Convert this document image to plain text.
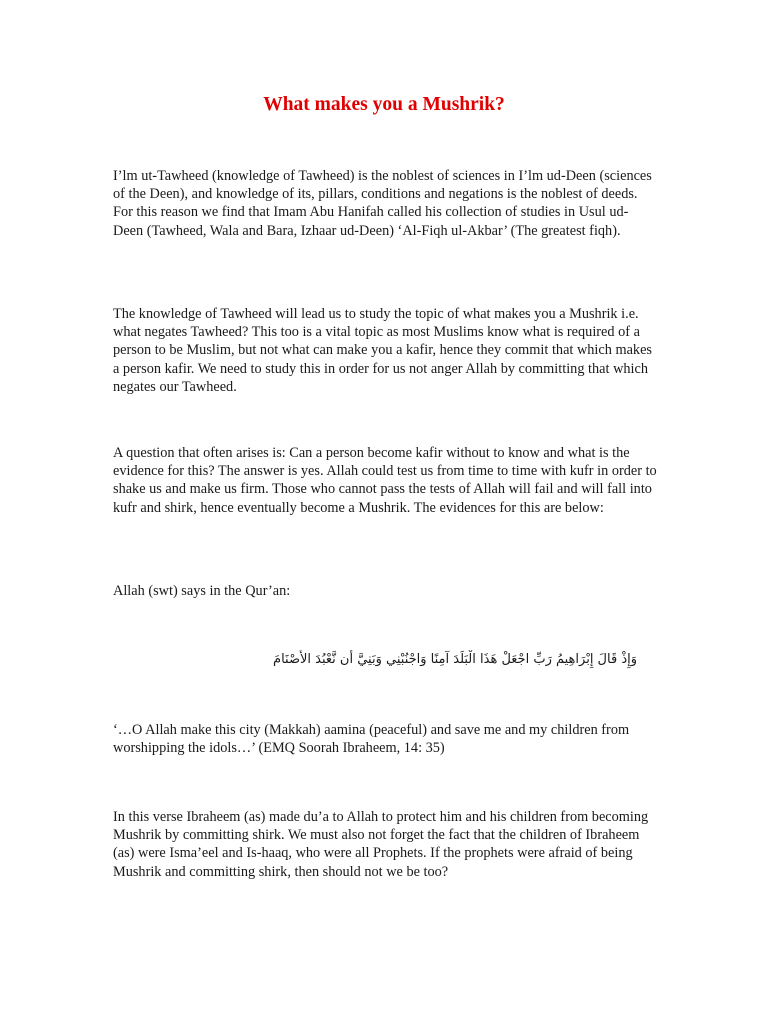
What makes you a Mushrik?
I’lm ut-Tawheed (knowledge of Tawheed) is the noblest of sciences in I’lm ud-Deen (sciences of the Deen), and knowledge of its, pillars, conditions and negations is the noblest of deeds. For this reason we find that Imam Abu Hanifah called his collection of studies in Usul ud-Deen (Tawheed, Wala and Bara, Izhaar ud-Deen) ‘Al-Fiqh ul-Akbar’ (The greatest fiqh).
The knowledge of Tawheed will lead us to study the topic of what makes you a Mushrik i.e. what negates Tawheed? This too is a vital topic as most Muslims know what is required of a person to be Muslim, but not what can make you a kafir, hence they commit that which makes a person kafir. We need to study this in order for us not anger Allah by committing that which negates our Tawheed.
A question that often arises is: Can a person become kafir without to know and what is the evidence for this? The answer is yes. Allah could test us from time to time with kufr in order to shake us and make us firm. Those who cannot pass the tests of Allah will fail and will fall into kufr and shirk, hence eventually become a Mushrik. The evidences for this are below:
Allah (swt) says in the Qur’an:
وَإِذْ قَالَ إِبْرَاهِيمُ رَبِّ اجْعَلْ هَذَا الْبَلَدَ آمِنًا وَاجْنُبْنِي وَبَنِيَّ أَن نَّعْبُدَ الأَصْنَامَ
‘…O Allah make this city (Makkah) aamina (peaceful) and save me and my children from worshipping the idols…’ (EMQ Soorah Ibraheem, 14: 35)
In this verse Ibraheem (as) made du’a to Allah to protect him and his children from becoming Mushrik by committing shirk. We must also not forget the fact that the children of Ibraheem (as) were Isma’eel and Is-haaq, who were all Prophets. If the prophets were afraid of being Mushrik and committing shirk, then should not we be too?
